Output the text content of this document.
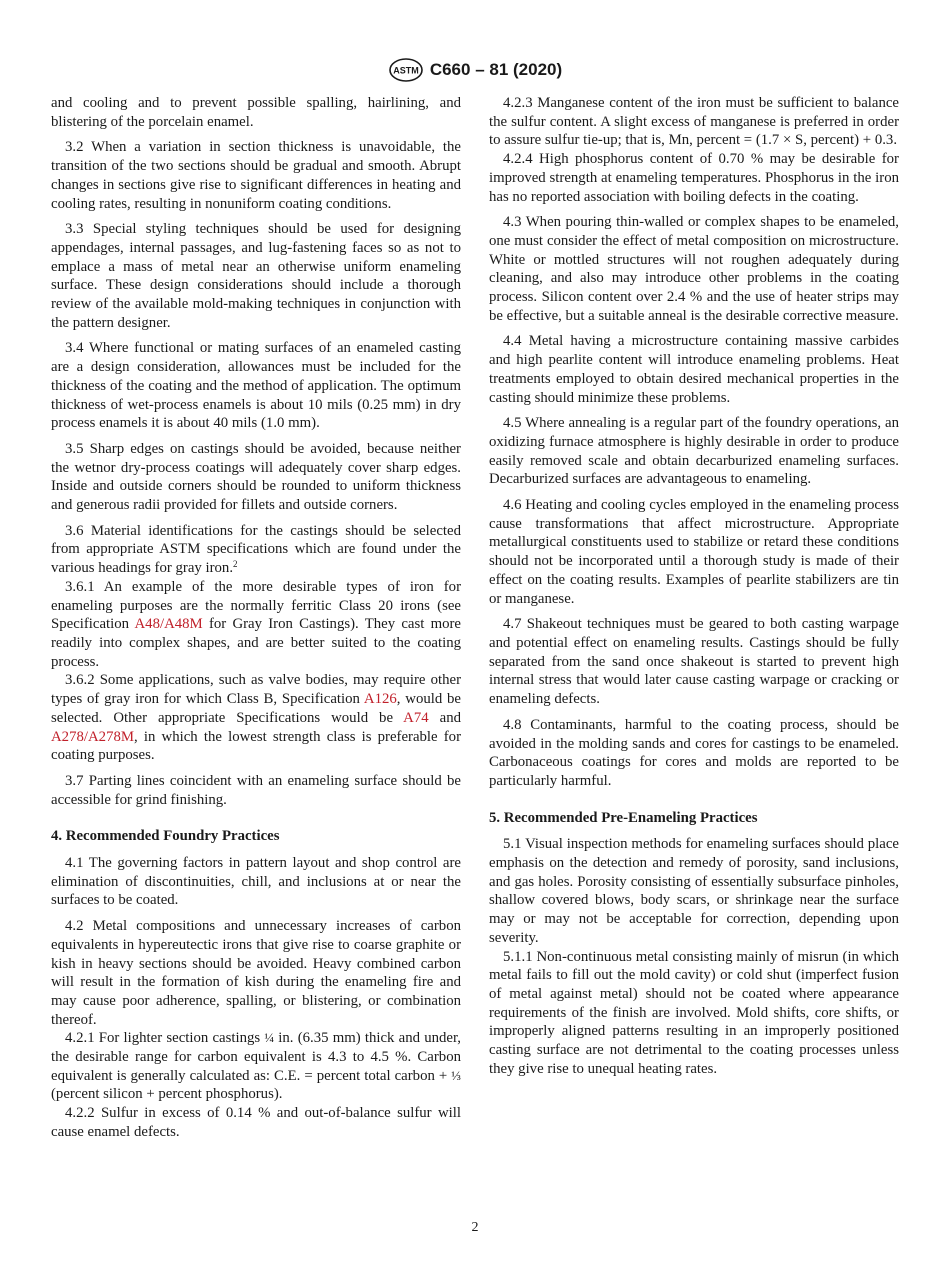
ASTM C660 – 81 (2020)

and cooling and to prevent possible spalling, hairlining, and blistering of the porcelain enamel.

3.2 When a variation in section thickness is unavoidable, the transition of the two sections should be gradual and smooth. Abrupt changes in sections give rise to significant differences in heating and cooling rates, resulting in nonuniform coating conditions.

3.3 Special styling techniques should be used for designing appendages, internal passages, and lug-fastening faces so as not to emplace a mass of metal near an otherwise uniform enameling surface. These design considerations should include a thorough review of the available mold-making techniques in conjunction with the pattern designer.

3.4 Where functional or mating surfaces of an enameled casting are a design consideration, allowances must be included for the thickness of the coating and the method of application. The optimum thickness of wet-process enamels is about 10 mils (0.25 mm) in dry process enamels it is about 40 mils (1.0 mm).

3.5 Sharp edges on castings should be avoided, because neither the wetnor dry-process coatings will adequately cover sharp edges. Inside and outside corners should be rounded to uniform thickness and generous radii provided for fillets and outside corners.

3.6 Material identifications for the castings should be selected from appropriate ASTM specifications which are found under the various headings for gray iron.$^2$

3.6.1 An example of the more desirable types of iron for enameling purposes are the normally ferritic Class 20 irons (see Specification A48/A48M for Gray Iron Castings). They cast more readily into complex shapes, and are better suited to the coating process.

3.6.2 Some applications, such as valve bodies, may require other types of gray iron for which Class B, Specification A126, would be selected. Other appropriate Specifications would be A74 and A278/A278M, in which the lowest strength class is preferable for coating purposes.

3.7 Parting lines coincident with an enameling surface should be accessible for grind finishing.

4. Recommended Foundry Practices

4.1 The governing factors in pattern layout and shop control are elimination of discontinuities, chill, and inclusions at or near the surfaces to be coated.

4.2 Metal compositions and unnecessary increases of carbon equivalents in hypereutectic irons that give rise to coarse graphite or kish in heavy sections should be avoided. Heavy combined carbon will result in the formation of kish during the enameling fire and may cause poor adherence, spalling, or blistering, or combination thereof.

4.2.1 For lighter section castings ¼ in. (6.35 mm) thick and under, the desirable range for carbon equivalent is 4.3 to 4.5 %. Carbon equivalent is generally calculated as: C.E. = percent total carbon + ⅓ (percent silicon + percent phosphorus).

4.2.2 Sulfur in excess of 0.14 % and out-of-balance sulfur will cause enamel defects.

4.2.3 Manganese content of the iron must be sufficient to balance the sulfur content. A slight excess of manganese is preferred in order to assure sulfur tie-up; that is, Mn, percent = (1.7 × S, percent) + 0.3.

4.2.4 High phosphorus content of 0.70 % may be desirable for improved strength at enameling temperatures. Phosphorus in the iron has no reported association with boiling defects in the coating.

4.3 When pouring thin-walled or complex shapes to be enameled, one must consider the effect of metal composition on microstructure. White or mottled structures will not roughen adequately during cleaning, and also may introduce other problems in the coating process. Silicon content over 2.4 % and the use of heater strips may be effective, but a suitable anneal is the desirable corrective measure.

4.4 Metal having a microstructure containing massive carbides and high pearlite content will introduce enameling problems. Heat treatments employed to obtain desired mechanical properties in the casting should minimize these problems.

4.5 Where annealing is a regular part of the foundry operations, an oxidizing furnace atmosphere is highly desirable in order to produce easily removed scale and obtain decarburized enameling surfaces. Decarburized surfaces are advantageous to enameling.

4.6 Heating and cooling cycles employed in the enameling process cause transformations that affect microstructure. Appropriate metallurgical constituents used to stabilize or retard these conditions should not be incorporated until a thorough study is made of their effect on the coating results. Examples of pearlite stabilizers are tin or manganese.

4.7 Shakeout techniques must be geared to both casting warpage and potential effect on enameling results. Castings should be fully separated from the sand once shakeout is started to prevent high internal stress that would later cause casting warpage or cracking or enameling defects.

4.8 Contaminants, harmful to the coating process, should be avoided in the molding sands and cores for castings to be enameled. Carbonaceous coatings for cores and molds are reported to be particularly harmful.

5. Recommended Pre-Enameling Practices

5.1 Visual inspection methods for enameling surfaces should place emphasis on the detection and remedy of porosity, sand inclusions, and gas holes. Porosity consisting of essentially subsurface pinholes, shallow covered blows, body scars, or shrinkage near the surface may or may not be acceptable for correction, depending upon severity.

5.1.1 Non-continuous metal consisting mainly of misrun (in which metal fails to fill out the mold cavity) or cold shut (imperfect fusion of metal against metal) should not be coated where appearance requirements of the finish are involved. Mold shifts, core shifts, or improperly aligned patterns resulting in an improperly positioned casting surface are not detrimental to the coating processes unless they give rise to unequal heating rates.

2
